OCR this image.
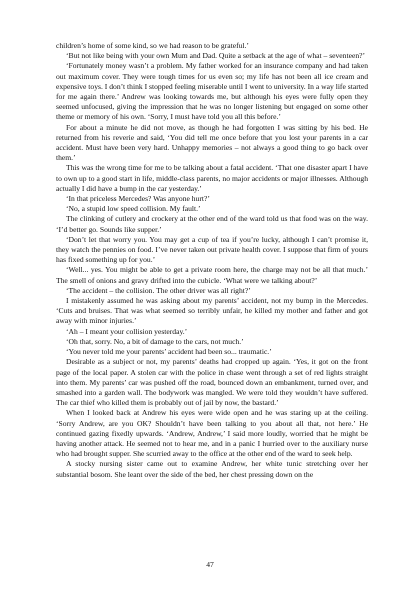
children’s home of some kind, so we had reason to be grateful.’

‘But not like being with your own Mum and Dad. Quite a setback at the age of what – seventeen?’

‘Fortunately money wasn’t a problem. My father worked for an insurance company and had taken out maximum cover. They were tough times for us even so; my life has not been all ice cream and expensive toys. I don’t think I stopped feeling miserable until I went to university. In a way life started for me again there.’ Andrew was looking towards me, but although his eyes were fully open they seemed unfocused, giving the impression that he was no longer listening but engaged on some other theme or memory of his own. ‘Sorry, I must have told you all this before.’

For about a minute he did not move, as though he had forgotten I was sitting by his bed. He returned from his reverie and said, ‘You did tell me once before that you lost your parents in a car accident. Must have been very hard. Unhappy memories – not always a good thing to go back over them.’

This was the wrong time for me to be talking about a fatal accident. ‘That one disaster apart I have to own up to a good start in life, middle-class parents, no major accidents or major illnesses. Although actually I did have a bump in the car yesterday.’

‘In that priceless Mercedes? Was anyone hurt?’

‘No, a stupid low speed collision. My fault.’

The clinking of cutlery and crockery at the other end of the ward told us that food was on the way. ‘I’d better go. Sounds like supper.’

‘Don’t let that worry you. You may get a cup of tea if you’re lucky, although I can’t promise it, they watch the pennies on food. I’ve never taken out private health cover. I suppose that firm of yours has fixed something up for you.’

‘Well... yes. You might be able to get a private room here, the charge may not be all that much.’ The smell of onions and gravy drifted into the cubicle. ‘What were we talking about?’

‘The accident – the collision. The other driver was all right?’

I mistakenly assumed he was asking about my parents’ accident, not my bump in the Mercedes. ‘Cuts and bruises. That was what seemed so terribly unfair, he killed my mother and father and got away with minor injuries.’

‘Ah – I meant your collision yesterday.’

‘Oh that, sorry. No, a bit of damage to the cars, not much.’

‘You never told me your parents’ accident had been so... traumatic.’

Desirable as a subject or not, my parents’ deaths had cropped up again. ‘Yes, it got on the front page of the local paper. A stolen car with the police in chase went through a set of red lights straight into them. My parents’ car was pushed off the road, bounced down an embankment, turned over, and smashed into a garden wall. The bodywork was mangled. We were told they wouldn’t have suffered. The car thief who killed them is probably out of jail by now, the bastard.’

When I looked back at Andrew his eyes were wide open and he was staring up at the ceiling. ‘Sorry Andrew, are you OK? Shouldn’t have been talking to you about all that, not here.’ He continued gazing fixedly upwards. ‘Andrew, Andrew,’ I said more loudly, worried that he might be having another attack. He seemed not to hear me, and in a panic I hurried over to the auxiliary nurse who had brought supper. She scurried away to the office at the other end of the ward to seek help.

A stocky nursing sister came out to examine Andrew, her white tunic stretching over her substantial bosom. She leant over the side of the bed, her chest pressing down on the

47
